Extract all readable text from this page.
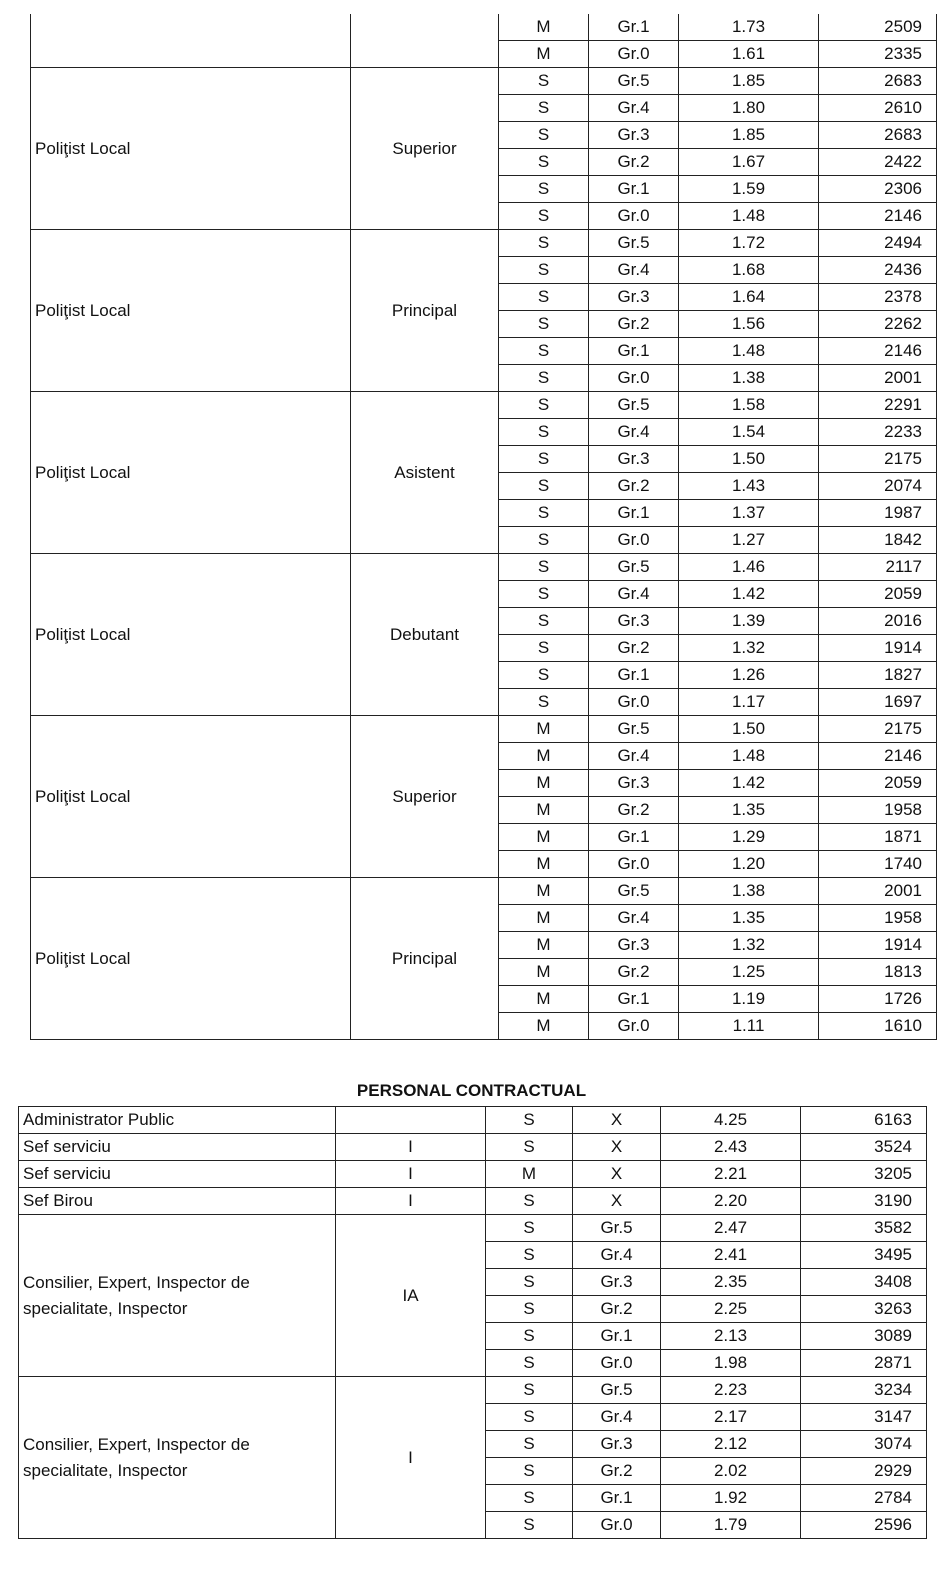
		M	Gr.1	1.73	2509
		M	Gr.0	1.61	2335
Poliţist Local	Superior	S	Gr.5	1.85	2683
		S	Gr.4	1.80	2610
		S	Gr.3	1.85	2683
		S	Gr.2	1.67	2422
		S	Gr.1	1.59	2306
		S	Gr.0	1.48	2146
Poliţist Local	Principal	S	Gr.5	1.72	2494
		S	Gr.4	1.68	2436
		S	Gr.3	1.64	2378
		S	Gr.2	1.56	2262
		S	Gr.1	1.48	2146
		S	Gr.0	1.38	2001
Poliţist Local	Asistent	S	Gr.5	1.58	2291
		S	Gr.4	1.54	2233
		S	Gr.3	1.50	2175
		S	Gr.2	1.43	2074
		S	Gr.1	1.37	1987
		S	Gr.0	1.27	1842
Poliţist Local	Debutant	S	Gr.5	1.46	2117
		S	Gr.4	1.42	2059
		S	Gr.3	1.39	2016
		S	Gr.2	1.32	1914
		S	Gr.1	1.26	1827
		S	Gr.0	1.17	1697
Poliţist Local	Superior	M	Gr.5	1.50	2175
		M	Gr.4	1.48	2146
		M	Gr.3	1.42	2059
		M	Gr.2	1.35	1958
		M	Gr.1	1.29	1871
		M	Gr.0	1.20	1740
Poliţist Local	Principal	M	Gr.5	1.38	2001
		M	Gr.4	1.35	1958
		M	Gr.3	1.32	1914
		M	Gr.2	1.25	1813
		M	Gr.1	1.19	1726
		M	Gr.0	1.11	1610
PERSONAL CONTRACTUAL
Administrator Public		S	X	4.25	6163
Sef serviciu	I	S	X	2.43	3524
Sef serviciu	I	M	X	2.21	3205
Sef Birou	I	S	X	2.20	3190
Consilier, Expert, Inspector de specialitate, Inspector	IA	S	Gr.5	2.47	3582
		S	Gr.4	2.41	3495
		S	Gr.3	2.35	3408
		S	Gr.2	2.25	3263
		S	Gr.1	2.13	3089
		S	Gr.0	1.98	2871
Consilier, Expert, Inspector de specialitate, Inspector	I	S	Gr.5	2.23	3234
		S	Gr.4	2.17	3147
		S	Gr.3	2.12	3074
		S	Gr.2	2.02	2929
		S	Gr.1	1.92	2784
		S	Gr.0	1.79	2596
